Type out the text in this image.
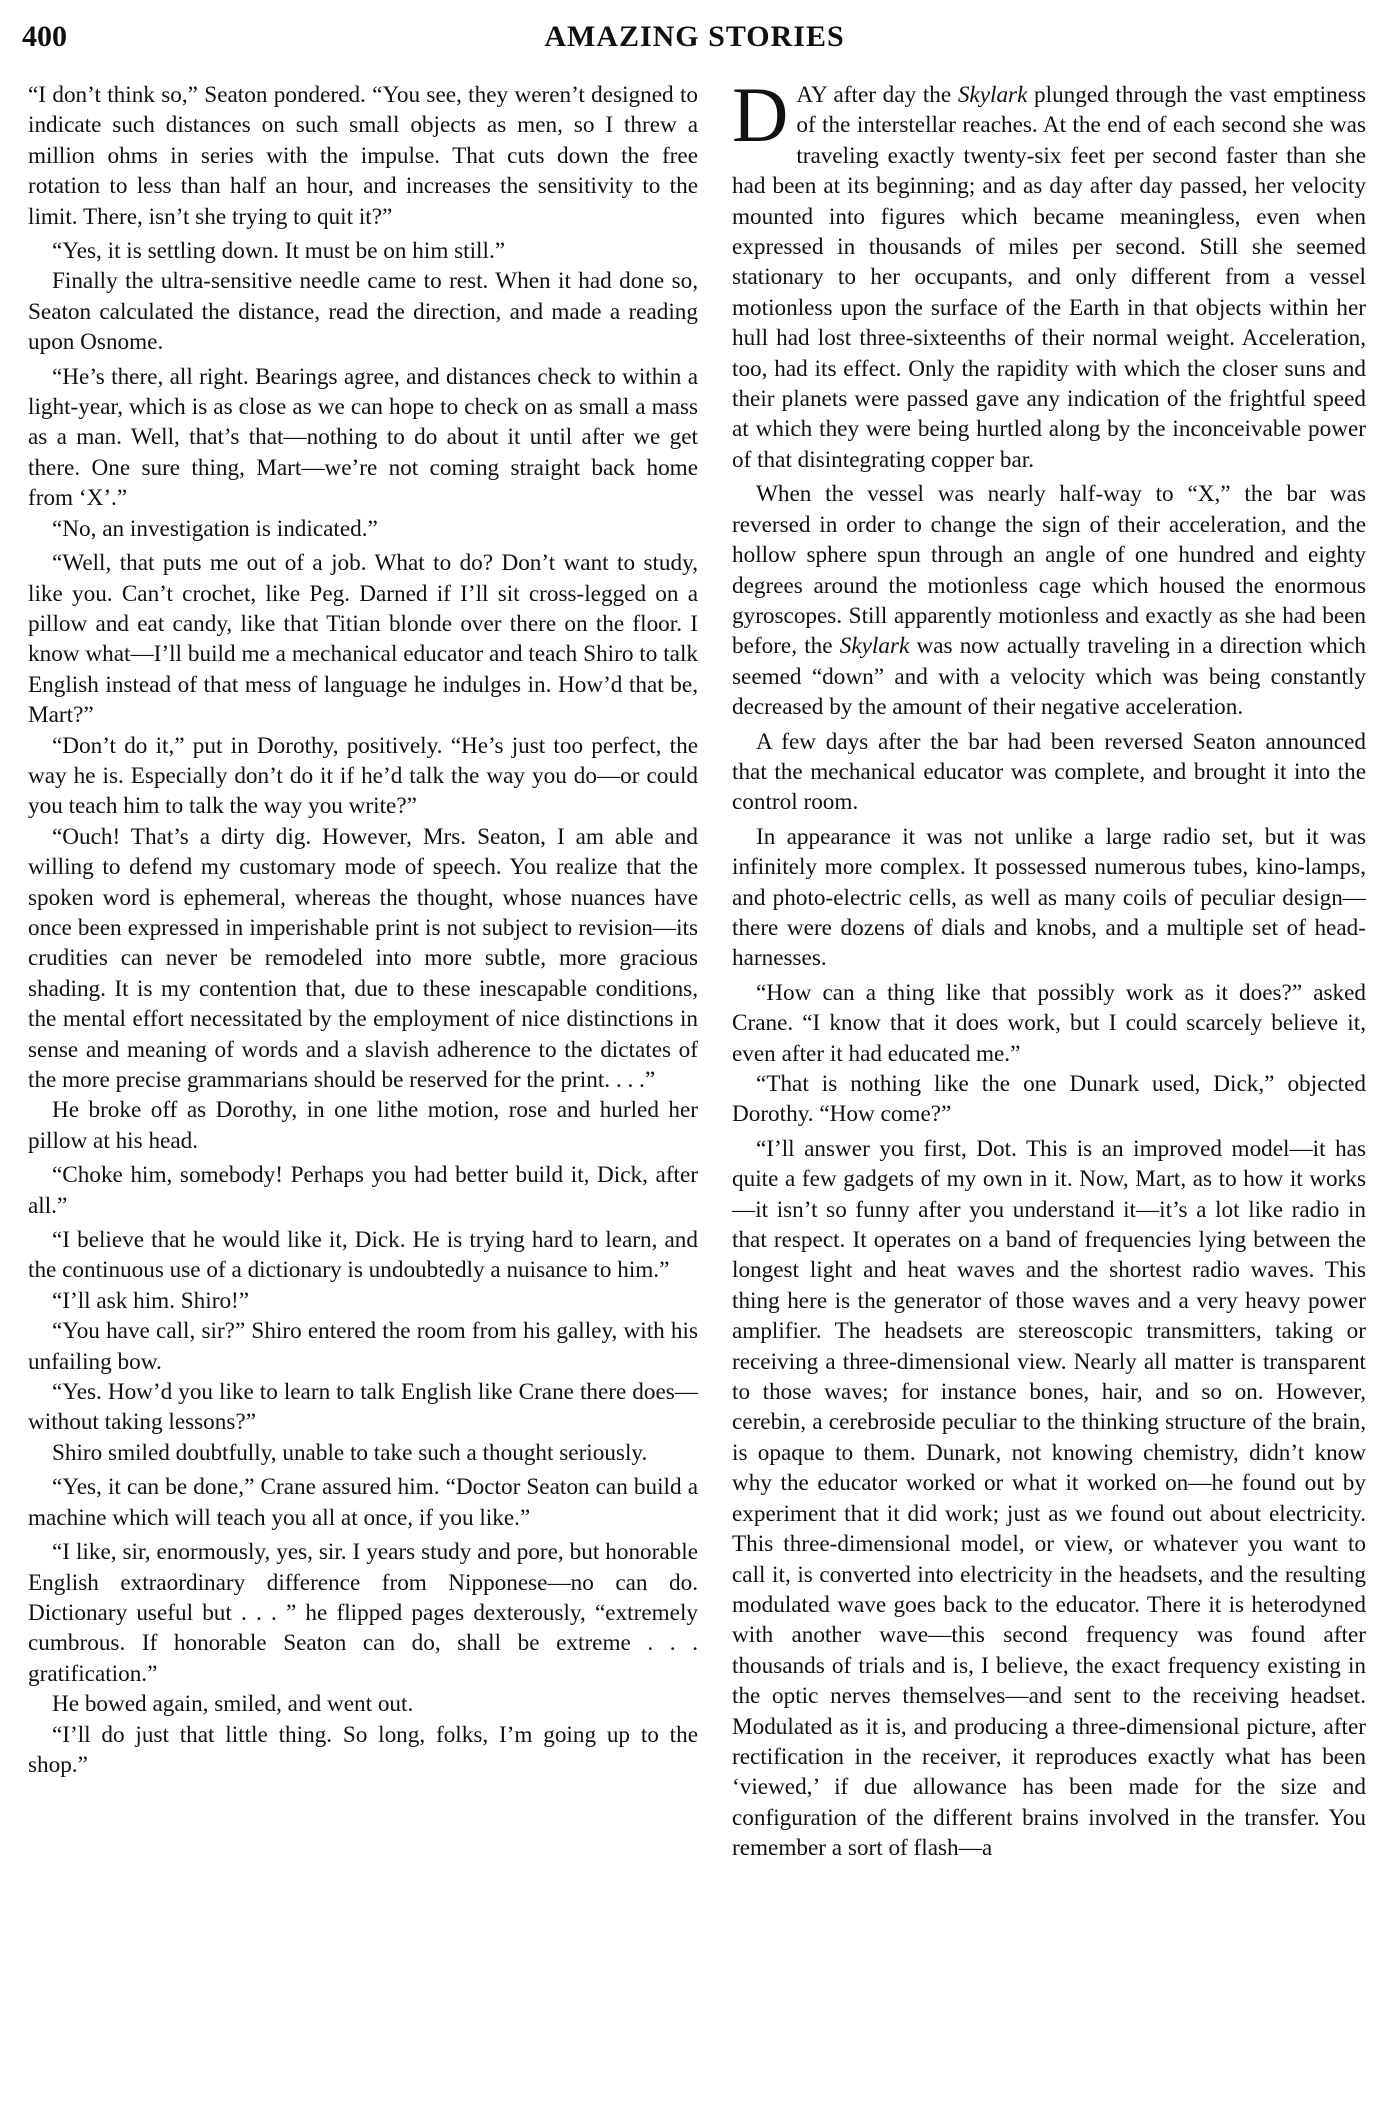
400	AMAZING STORIES

“I don’t think so,” Seaton pondered. “You see, they weren’t designed to indicate such distances on such small objects as men, so I threw a million ohms in series with the impulse. That cuts down the free rotation to less than half an hour, and increases the sensitivity to the limit. There, isn’t she trying to quit it?”

“Yes, it is settling down. It must be on him still.”

Finally the ultra-sensitive needle came to rest. When it had done so, Seaton calculated the distance, read the direction, and made a reading upon Osnome.

“He’s there, all right. Bearings agree, and distances check to within a light-year, which is as close as we can hope to check on as small a mass as a man. Well, that’s that—nothing to do about it until after we get there. One sure thing, Mart—we’re not coming straight back home from ‘X’.”

“No, an investigation is indicated.”

“Well, that puts me out of a job. What to do? Don’t want to study, like you. Can’t crochet, like Peg. Darned if I’ll sit cross-legged on a pillow and eat candy, like that Titian blonde over there on the floor. I know what—I’ll build me a mechanical educator and teach Shiro to talk English instead of that mess of language he indulges in. How’d that be, Mart?”

“Don’t do it,” put in Dorothy, positively. “He’s just too perfect, the way he is. Especially don’t do it if he’d talk the way you do—or could you teach him to talk the way you write?”

“Ouch! That’s a dirty dig. However, Mrs. Seaton, I am able and willing to defend my customary mode of speech. You realize that the spoken word is ephemeral, whereas the thought, whose nuances have once been expressed in imperishable print is not subject to revision—its crudities can never be remodeled into more subtle, more gracious shading. It is my contention that, due to these inescapable conditions, the mental effort necessitated by the employment of nice distinctions in sense and meaning of words and a slavish adherence to the dictates of the more precise grammarians should be reserved for the print. . . .”

He broke off as Dorothy, in one lithe motion, rose and hurled her pillow at his head.

“Choke him, somebody! Perhaps you had better build it, Dick, after all.”

“I believe that he would like it, Dick. He is trying hard to learn, and the continuous use of a dictionary is undoubtedly a nuisance to him.”

“I’ll ask him. Shiro!”

“You have call, sir?” Shiro entered the room from his galley, with his unfailing bow.

“Yes. How’d you like to learn to talk English like Crane there does—without taking lessons?”

Shiro smiled doubtfully, unable to take such a thought seriously.

“Yes, it can be done,” Crane assured him. “Doctor Seaton can build a machine which will teach you all at once, if you like.”

“I like, sir, enormously, yes, sir. I years study and pore, but honorable English extraordinary difference from Nipponese—no can do. Dictionary useful but . . . ” he flipped pages dexterously, “extremely cumbrous. If honorable Seaton can do, shall be extreme . . . gratification.”

He bowed again, smiled, and went out.

“I’ll do just that little thing. So long, folks, I’m going up to the shop.”

DAY after day the Skylark plunged through the vast emptiness of the interstellar reaches. At the end of each second she was traveling exactly twenty-six feet per second faster than she had been at its beginning; and as day after day passed, her velocity mounted into figures which became meaningless, even when expressed in thousands of miles per second. Still she seemed stationary to her occupants, and only different from a vessel motionless upon the surface of the Earth in that objects within her hull had lost three-sixteenths of their normal weight. Acceleration, too, had its effect. Only the rapidity with which the closer suns and their planets were passed gave any indication of the frightful speed at which they were being hurtled along by the inconceivable power of that disintegrating copper bar.

When the vessel was nearly half-way to “X,” the bar was reversed in order to change the sign of their acceleration, and the hollow sphere spun through an angle of one hundred and eighty degrees around the motionless cage which housed the enormous gyroscopes. Still apparently motionless and exactly as she had been before, the Skylark was now actually traveling in a direction which seemed “down” and with a velocity which was being constantly decreased by the amount of their negative acceleration.

A few days after the bar had been reversed Seaton announced that the mechanical educator was complete, and brought it into the control room.

In appearance it was not unlike a large radio set, but it was infinitely more complex. It possessed numerous tubes, kino-lamps, and photo-electric cells, as well as many coils of peculiar design—there were dozens of dials and knobs, and a multiple set of head-harnesses.

“How can a thing like that possibly work as it does?” asked Crane. “I know that it does work, but I could scarcely believe it, even after it had educated me.”

“That is nothing like the one Dunark used, Dick,” objected Dorothy. “How come?”

“I’ll answer you first, Dot. This is an improved model—it has quite a few gadgets of my own in it. Now, Mart, as to how it works—it isn’t so funny after you understand it—it’s a lot like radio in that respect. It operates on a band of frequencies lying between the longest light and heat waves and the shortest radio waves. This thing here is the generator of those waves and a very heavy power amplifier. The headsets are stereoscopic transmitters, taking or receiving a three-dimensional view. Nearly all matter is transparent to those waves; for instance bones, hair, and so on. However, cerebin, a cerebroside peculiar to the thinking structure of the brain, is opaque to them. Dunark, not knowing chemistry, didn’t know why the educator worked or what it worked on—he found out by experiment that it did work; just as we found out about electricity. This three-dimensional model, or view, or whatever you want to call it, is converted into electricity in the headsets, and the resulting modulated wave goes back to the educator. There it is heterodyned with another wave—this second frequency was found after thousands of trials and is, I believe, the exact frequency existing in the optic nerves themselves—and sent to the receiving headset. Modulated as it is, and producing a three-dimensional picture, after rectification in the receiver, it reproduces exactly what has been ‘viewed,’ if due allowance has been made for the size and configuration of the different brains involved in the transfer. You remember a sort of flash—a
